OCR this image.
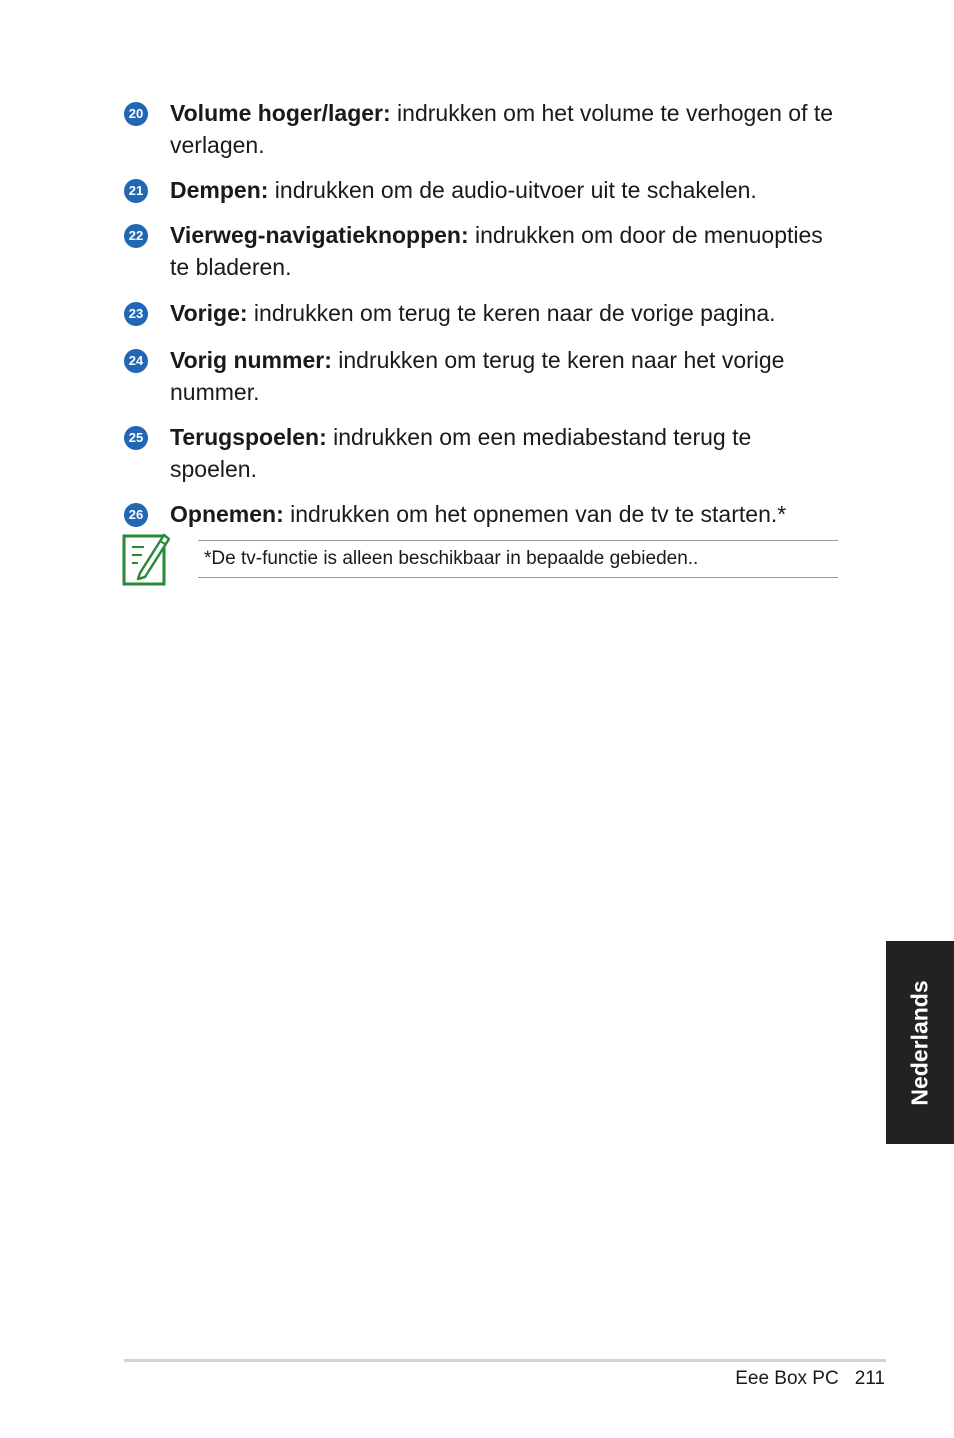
20 Volume hoger/lager: indrukken om het volume te verhogen of te verlagen.
21 Dempen: indrukken om de audio-uitvoer uit te schakelen.
22 Vierweg-navigatieknoppen: indrukken om door de menuopties te bladeren.
23 Vorige: indrukken om terug te keren naar de vorige pagina.
24 Vorig nummer: indrukken om terug te keren naar het vorige nummer.
25 Terugspoelen: indrukken om een mediabestand terug te spoelen.
26 Opnemen: indrukken om het opnemen van de tv te starten.*
*De tv-functie is alleen beschikbaar in bepaalde gebieden..
Nederlands
Eee Box PC 211
